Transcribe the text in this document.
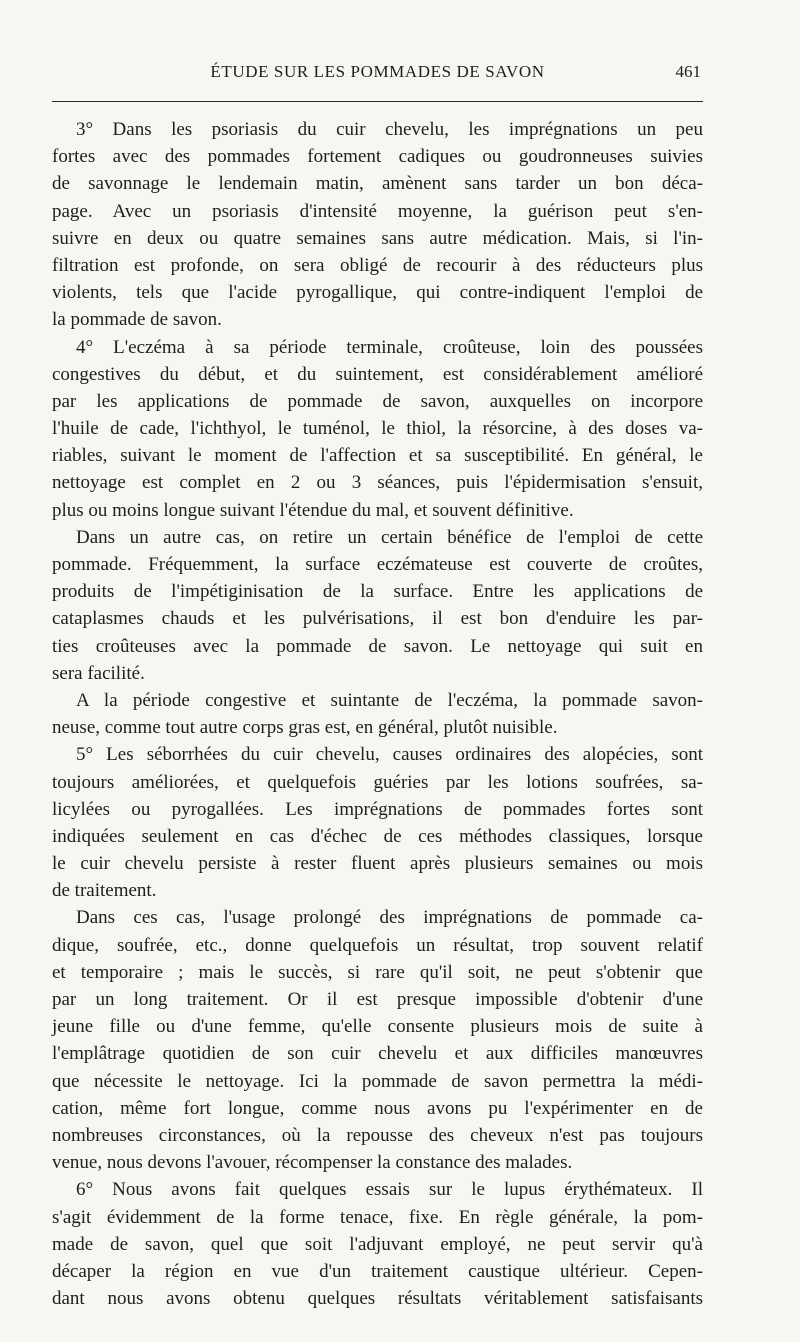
ÉTUDE SUR LES POMMADES DE SAVON	461
3° Dans les psoriasis du cuir chevelu, les imprégnations un peu
fortes avec des pommades fortement cadiques ou goudronneuses suivies
de savonnage le lendemain matin, amènent sans tarder un bon déca-
page. Avec un psoriasis d'intensité moyenne, la guérison peut s'en-
suivre en deux ou quatre semaines sans autre médication. Mais, si l'in-
filtration est profonde, on sera obligé de recourir à des réducteurs plus
violents, tels que l'acide pyrogallique, qui contre-indiquent l'emploi de
la pommade de savon.
4° L'eczéma à sa période terminale, croûteuse, loin des poussées
congestives du début, et du suintement, est considérablement amélioré
par les applications de pommade de savon, auxquelles on incorpore
l'huile de cade, l'ichthyol, le tuménol, le thiol, la résorcine, à des doses va-
riables, suivant le moment de l'affection et sa susceptibilité. En général, le
nettoyage est complet en 2 ou 3 séances, puis l'épidermisation s'ensuit,
plus ou moins longue suivant l'étendue du mal, et souvent définitive.
Dans un autre cas, on retire un certain bénéfice de l'emploi de cette
pommade. Fréquemment, la surface eczémateuse est couverte de croûtes,
produits de l'impétiginisation de la surface. Entre les applications de
cataplasmes chauds et les pulvérisations, il est bon d'enduire les par-
ties croûteuses avec la pommade de savon. Le nettoyage qui suit en
sera facilité.
A la période congestive et suintante de l'eczéma, la pommade savon-
neuse, comme tout autre corps gras est, en général, plutôt nuisible.
5° Les séborrhées du cuir chevelu, causes ordinaires des alopécies, sont
toujours améliorées, et quelquefois guéries par les lotions soufrées, sa-
licylées ou pyrogallées. Les imprégnations de pommades fortes sont
indiquées seulement en cas d'échec de ces méthodes classiques, lorsque
le cuir chevelu persiste à rester fluent après plusieurs semaines ou mois
de traitement.
Dans ces cas, l'usage prolongé des imprégnations de pommade ca-
dique, soufrée, etc., donne quelquefois un résultat, trop souvent relatif
et temporaire ; mais le succès, si rare qu'il soit, ne peut s'obtenir que
par un long traitement. Or il est presque impossible d'obtenir d'une
jeune fille ou d'une femme, qu'elle consente plusieurs mois de suite à
l'emplâtrage quotidien de son cuir chevelu et aux difficiles manœuvres
que nécessite le nettoyage. Ici la pommade de savon permettra la médi-
cation, même fort longue, comme nous avons pu l'expérimenter en de
nombreuses circonstances, où la repousse des cheveux n'est pas toujours
venue, nous devons l'avouer, récompenser la constance des malades.
6° Nous avons fait quelques essais sur le lupus érythémateux. Il
s'agit évidemment de la forme tenace, fixe. En règle générale, la pom-
made de savon, quel que soit l'adjuvant employé, ne peut servir qu'à
décaper la région en vue d'un traitement caustique ultérieur. Cepen-
dant nous avons obtenu quelques résultats véritablement satisfaisants
